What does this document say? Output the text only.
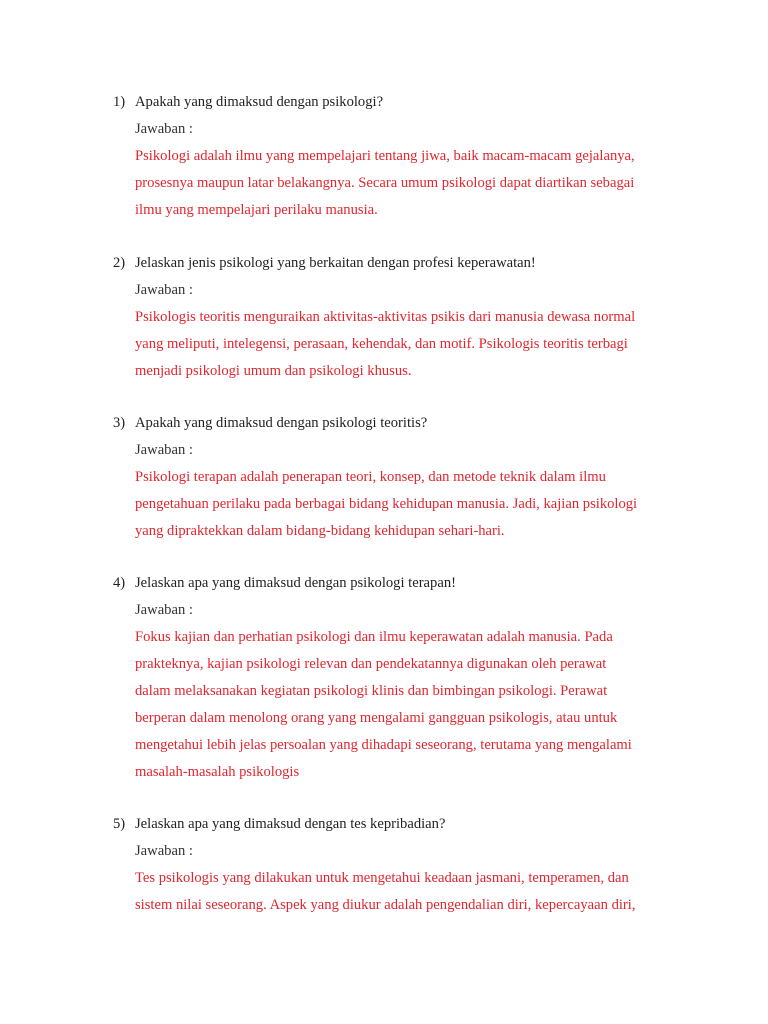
1) Apakah yang dimaksud dengan psikologi?
Jawaban :
Psikologi adalah ilmu yang mempelajari tentang jiwa, baik macam-macam gejalanya,
prosesnya maupun latar belakangnya. Secara umum psikologi dapat diartikan sebagai
ilmu yang mempelajari perilaku manusia.
2) Jelaskan jenis psikologi yang berkaitan dengan profesi keperawatan!
Jawaban :
Psikologis teoritis menguraikan aktivitas-aktivitas psikis dari manusia dewasa normal
yang meliputi, intelegensi, perasaan, kehendak, dan motif. Psikologis teoritis terbagi
menjadi psikologi umum dan psikologi khusus.
3) Apakah yang dimaksud dengan psikologi teoritis?
Jawaban :
Psikologi terapan adalah penerapan teori, konsep, dan metode teknik dalam ilmu
pengetahuan perilaku pada berbagai bidang kehidupan manusia. Jadi, kajian psikologi
yang dipraktekkan dalam bidang-bidang kehidupan sehari-hari.
4) Jelaskan apa yang dimaksud dengan psikologi terapan!
Jawaban :
Fokus kajian dan perhatian psikologi dan ilmu keperawatan adalah manusia. Pada
prakteknya, kajian psikologi relevan dan pendekatannya digunakan oleh perawat
dalam melaksanakan kegiatan psikologi klinis dan bimbingan psikologi. Perawat
berperan dalam menolong orang yang mengalami gangguan psikologis, atau untuk
mengetahui lebih jelas persoalan yang dihadapi seseorang, terutama yang mengalami
masalah-masalah psikologis
5) Jelaskan apa yang dimaksud dengan tes kepribadian?
Jawaban :
Tes psikologis yang dilakukan untuk mengetahui keadaan jasmani, temperamen, dan
sistem nilai seseorang. Aspek yang diukur adalah pengendalian diri, kepercayaan diri,
